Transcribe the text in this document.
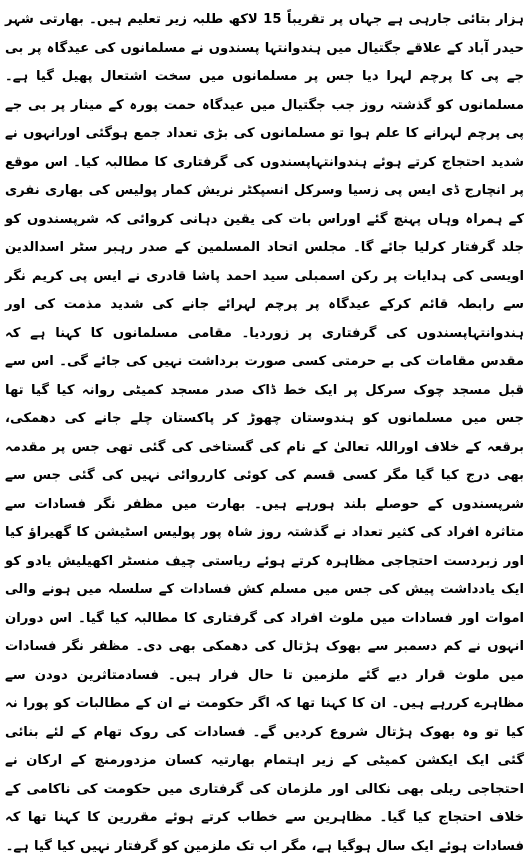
ہزار بتائی جارہی ہے جہاں پر تقریباً 15 لاکھ طلبہ زیر تعلیم ہیں۔ بھارتی شہر حیدر آباد کے علاقے جگتیال میں ہندوانتہا پسندوں نے مسلمانوں کی عیدگاہ پر بی جے پی کا پرچم لہرا دیا جس پر مسلمانوں میں سخت اشتعال پھیل گیا ہے۔ مسلمانوں کو گذشتہ روز جب جگتیال میں عیدگاہ حمت پورہ کے مینار پر بی جے پی پرچم لہرانے کا علم ہوا تو مسلمانوں کی بڑی تعداد جمع ہوگئی اورانہوں نے شدید احتجاج کرتے ہوئے ہندوانتہاپسندوں کی گرفتاری کا مطالبہ کیا۔ اس موقع پر انچارج ڈی ایس پی زسیا وسرکل انسپکٹر نریش کمار پولیس کی بھاری نفری کے ہمراہ وہاں پہنچ گئے اوراس بات کی یقین دہانی کروائی کہ شرپسندوں کو جلد گرفتار کرلیا جائے گا۔ مجلس اتحاد المسلمین کے صدر رہبر سٹر اسدالدین اویسی کی ہدایات پر رکن اسمبلی سید احمد پاشا قادری نے ایس پی کریم نگر سے رابطہ قائم کرکے عیدگاہ پر پرچم لہرائے جانے کی شدید مذمت کی اور ہندوانتہاپسندوں کی گرفتاری پر زوردیا۔ مقامی مسلمانوں کا کہنا ہے کہ مقدس مقامات کی بے حرمتی کسی صورت برداشت نہیں کی جائے گی۔ اس سے قبل مسجد چوک سرکل پر ایک خط ڈاک صدر مسجد کمیٹی روانہ کیا گیا تھا جس میں مسلمانوں کو ہندوستان چھوڑ کر پاکستان چلے جانے کی دھمکی، برقعہ کے خلاف اوراللہ تعالیٰ کے نام کی گستاخی کی گئی تھی جس پر مقدمہ بھی درج کیا گیا مگر کسی قسم کی کوئی کارروائی نہیں کی گئی جس سے شرپسندوں کے حوصلے بلند ہورہے ہیں۔ بھارت میں مظفر نگر فسادات سے متاثرہ افراد کی کثیر تعداد نے گذشتہ روز شاہ پور پولیس اسٹیشن کا گھیراؤ کیا اور زبردست احتجاجی مظاہرہ کرتے ہوئے ریاستی چیف منسٹر اکھیلیش یادو کو ایک یادداشت پیش کی جس میں مسلم کش فسادات کے سلسلہ میں ہونے والی اموات اور فسادات میں ملوث افراد کی گرفتاری کا مطالبہ کیا گیا۔ اس دوران انہوں نے کم دسمبر سے بھوک ہڑتال کی دھمکی بھی دی۔ مظفر نگر فسادات میں ملوث قرار دیے گئے ملزمین تا حال فرار ہیں۔ فسادمتاثرین دودن سے مظاہرے کررہے ہیں۔ ان کا کہنا تھا کہ اگر حکومت نے ان کے مطالبات کو پورا نہ کیا تو وہ بھوک ہڑتال شروع کردیں گے۔ فسادات کی روک تھام کے لئے بنائی گئی ایک ایکشن کمیٹی کے زیر اہتمام بھارتیہ کسان مزدورمنچ کے ارکان نے احتجاجی ریلی بھی نکالی اور ملزمان کی گرفتاری میں حکومت کی ناکامی کے خلاف احتجاج کیا گیا۔ مظاہرین سے خطاب کرتے ہوئے مقررین کا کہنا تھا کہ فسادات ہوئے ایک سال ہوگیا ہے، مگر اب تک ملزمین کو گرفتار نہیں کیا گیا ہے۔
